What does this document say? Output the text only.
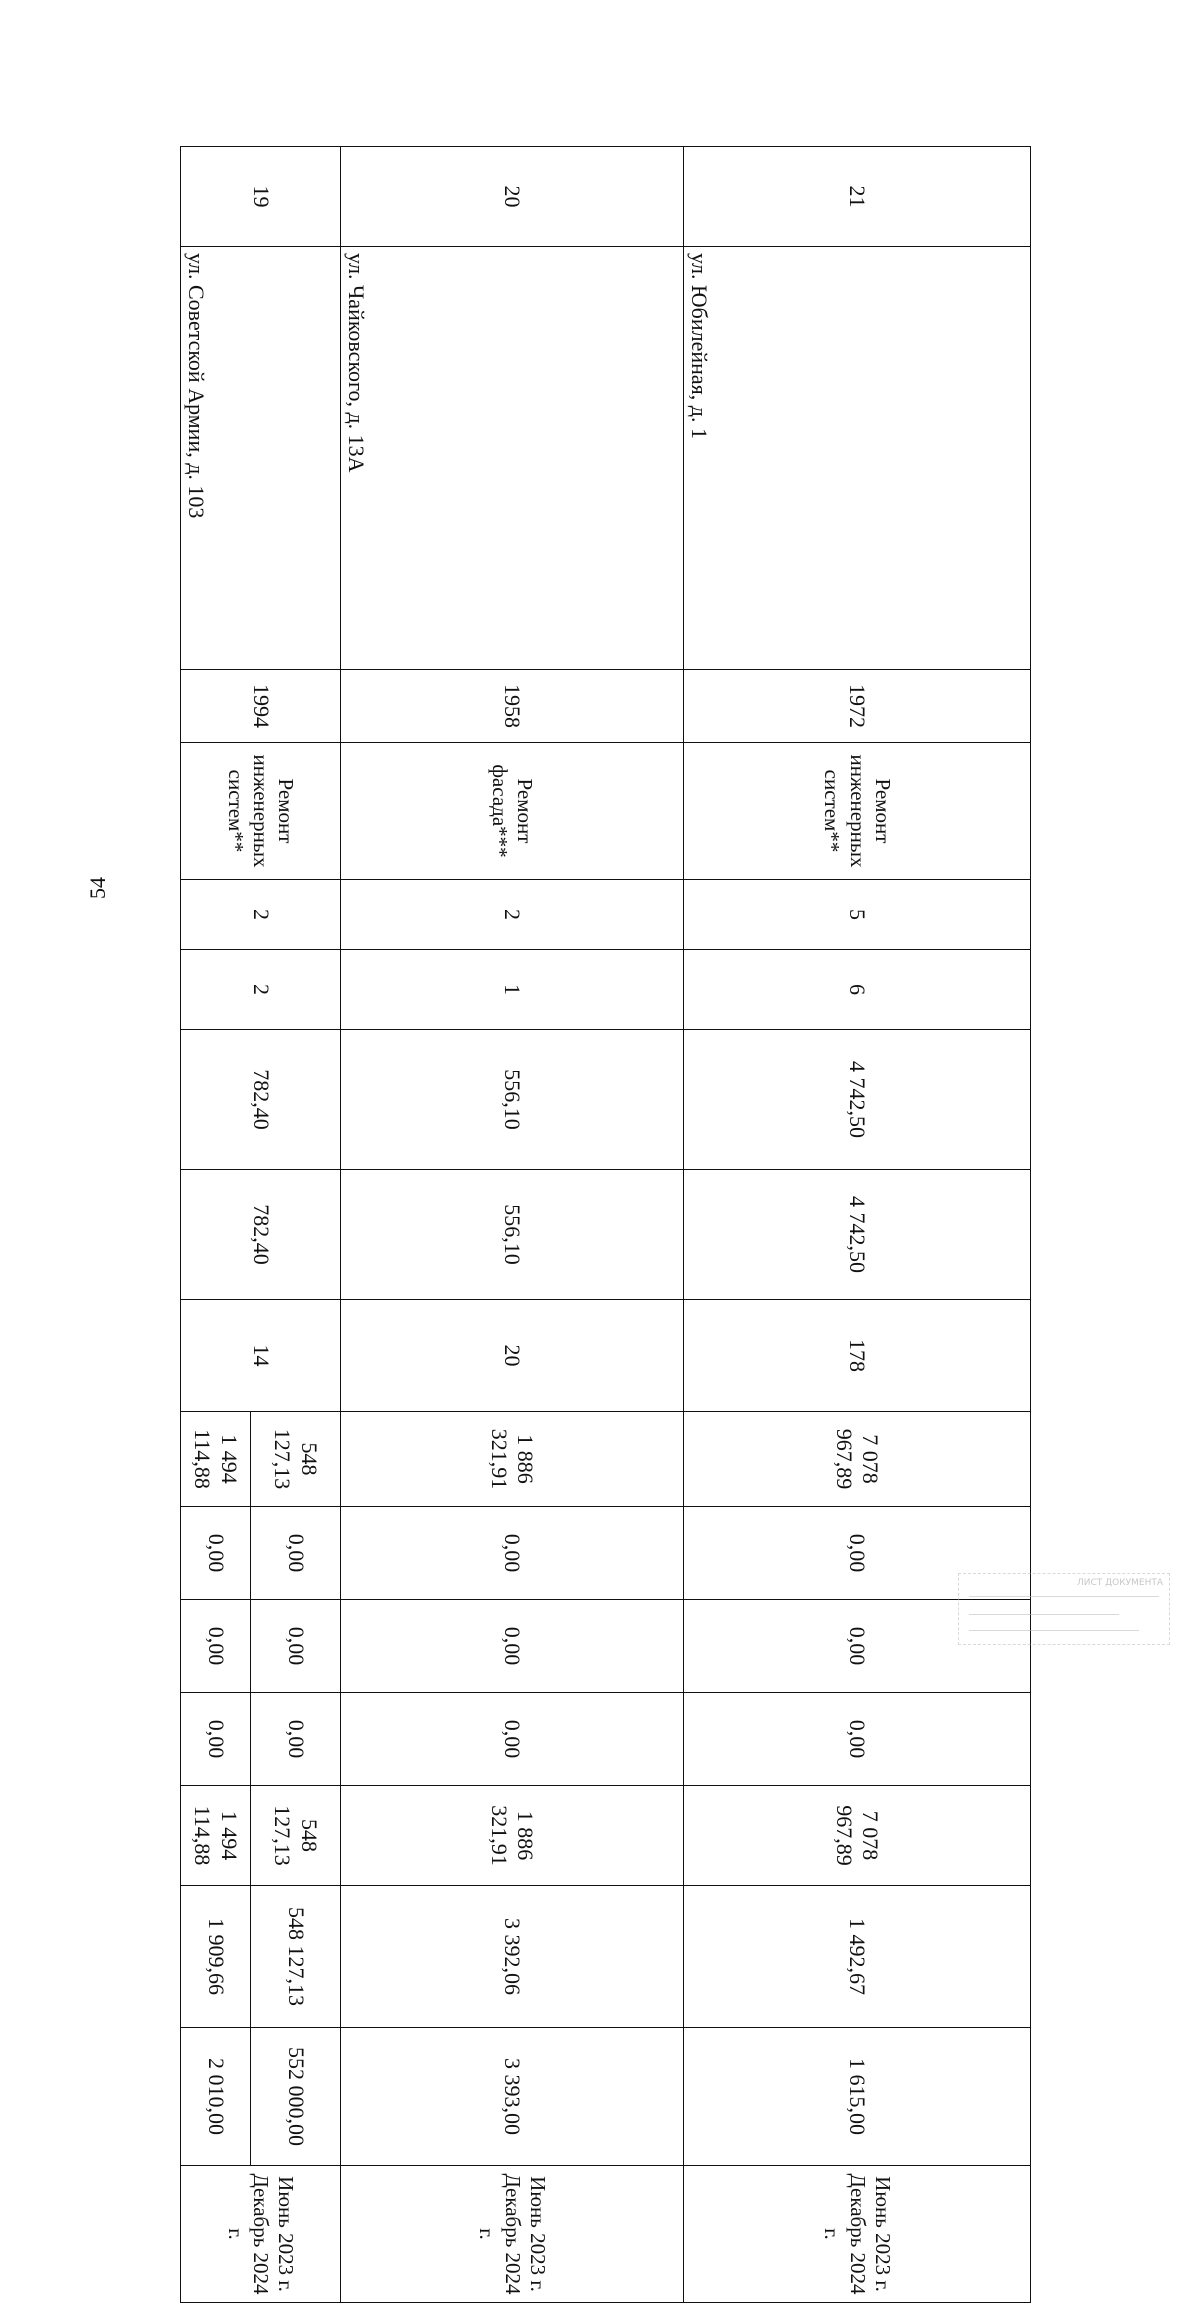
54
21	ул. Юбилейная, д. 1	1972	Ремонт инженерных систем**	5	6	4 742,50	4 742,50	178	7 078 967,89	0,00	0,00	0,00	7 078 967,89	1 492,67	1 615,00	Июнь 2023 г. Декабрь 2024 г.
20	ул. Чайковского, д. 13А	1958	Ремонт фасада***	2	1	556,10	556,10	20	1 886 321,91	0,00	0,00	0,00	1 886 321,91	3 392,06	3 393,00	Июнь 2023 г. Декабрь 2024 г.
19	ул. Советской Армии, д. 103	1994	Ремонт инженерных систем**	2	2	782,40	782,40	14	548 127,13	0,00	0,00	0,00	548 127,13	548 127,13	552 000,00	Июнь 2023 г. Декабрь 2024 г.
									1 494 114,88	0,00	0,00	0,00	1 494 114,88	1 909,66	2 010,00	
ЛИСТ ДОКУМЕНТА
